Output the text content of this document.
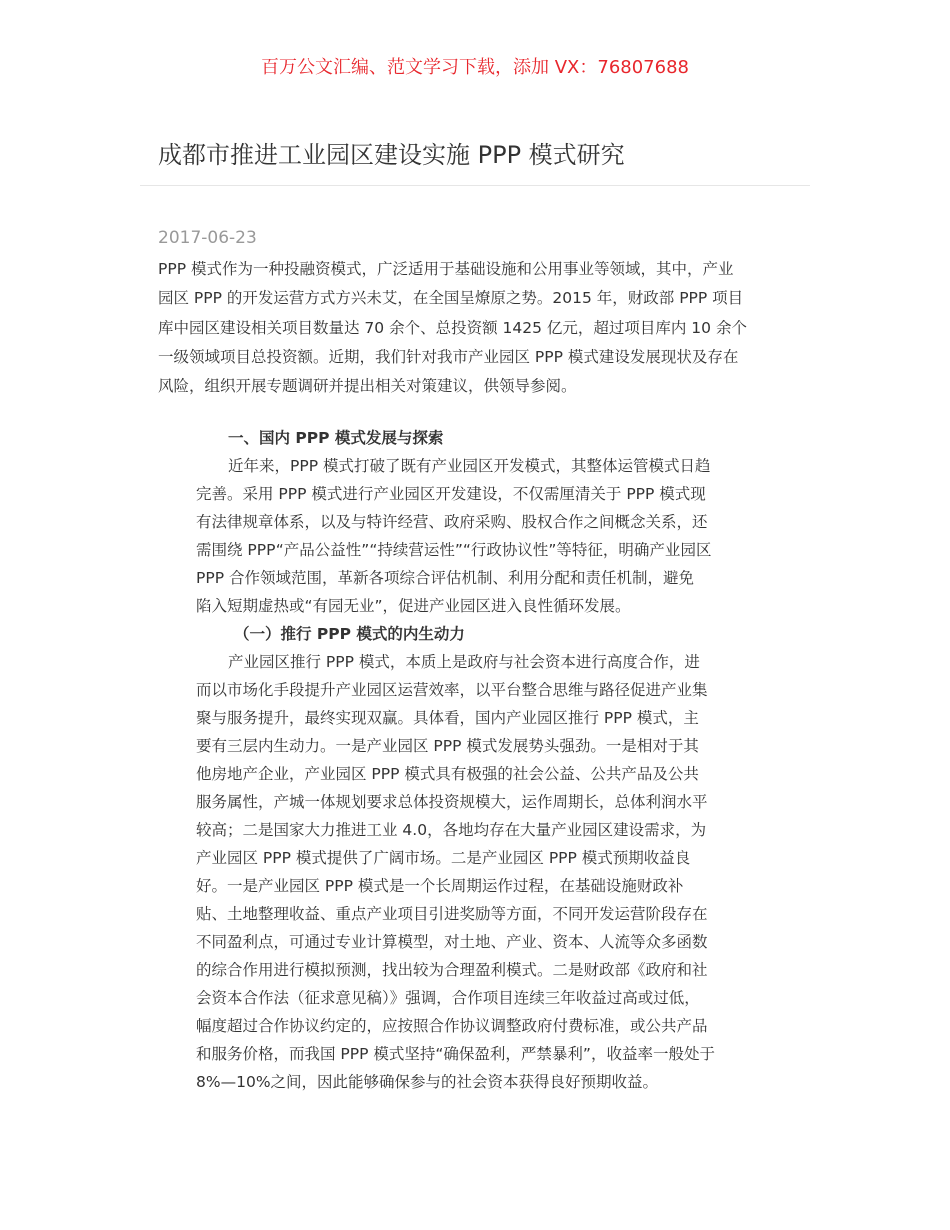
百万公文汇编、范文学习下载，添加 VX：76807688
成都市推进工业园区建设实施 PPP 模式研究
2017-06-23
PPP 模式作为一种投融资模式，广泛适用于基础设施和公用事业等领域，其中，产业
园区 PPP 的开发运营方式方兴未艾，在全国呈燎原之势。2015 年，财政部 PPP 项目
库中园区建设相关项目数量达 70 余个、总投资额 1425 亿元，超过项目库内 10 余个
一级领域项目总投资额。近期，我们针对我市产业园区 PPP 模式建设发展现状及存在
风险，组织开展专题调研并提出相关对策建议，供领导参阅。
一、国内 PPP 模式发展与探索
近年来，PPP 模式打破了既有产业园区开发模式，其整体运管模式日趋
完善。采用 PPP 模式进行产业园区开发建设，不仅需厘清关于 PPP 模式现
有法律规章体系，以及与特许经营、政府采购、股权合作之间概念关系，还
需围绕 PPP“产品公益性”“持续营运性”“行政协议性”等特征，明确产业园区
PPP 合作领域范围，革新各项综合评估机制、利用分配和责任机制，避免
陷入短期虚热或“有园无业”，促进产业园区进入良性循环发展。
（一）推行 PPP 模式的内生动力
产业园区推行 PPP 模式，本质上是政府与社会资本进行高度合作，进
而以市场化手段提升产业园区运营效率，以平台整合思维与路径促进产业集
聚与服务提升，最终实现双赢。具体看，国内产业园区推行 PPP 模式，主
要有三层内生动力。一是产业园区 PPP 模式发展势头强劲。一是相对于其
他房地产企业，产业园区 PPP 模式具有极强的社会公益、公共产品及公共
服务属性，产城一体规划要求总体投资规模大，运作周期长，总体利润水平
较高；二是国家大力推进工业 4.0，各地均存在大量产业园区建设需求，为
产业园区 PPP 模式提供了广阔市场。二是产业园区 PPP 模式预期收益良
好。一是产业园区 PPP 模式是一个长周期运作过程，在基础设施财政补
贴、土地整理收益、重点产业项目引进奖励等方面，不同开发运营阶段存在
不同盈利点，可通过专业计算模型，对土地、产业、资本、人流等众多函数
的综合作用进行模拟预测，找出较为合理盈利模式。二是财政部《政府和社
会资本合作法（征求意见稿）》强调，合作项目连续三年收益过高或过低，
幅度超过合作协议约定的，应按照合作协议调整政府付费标准，或公共产品
和服务价格，而我国 PPP 模式坚持“确保盈利，严禁暴利”，收益率一般处于
8%—10%之间，因此能够确保参与的社会资本获得良好预期收益。
